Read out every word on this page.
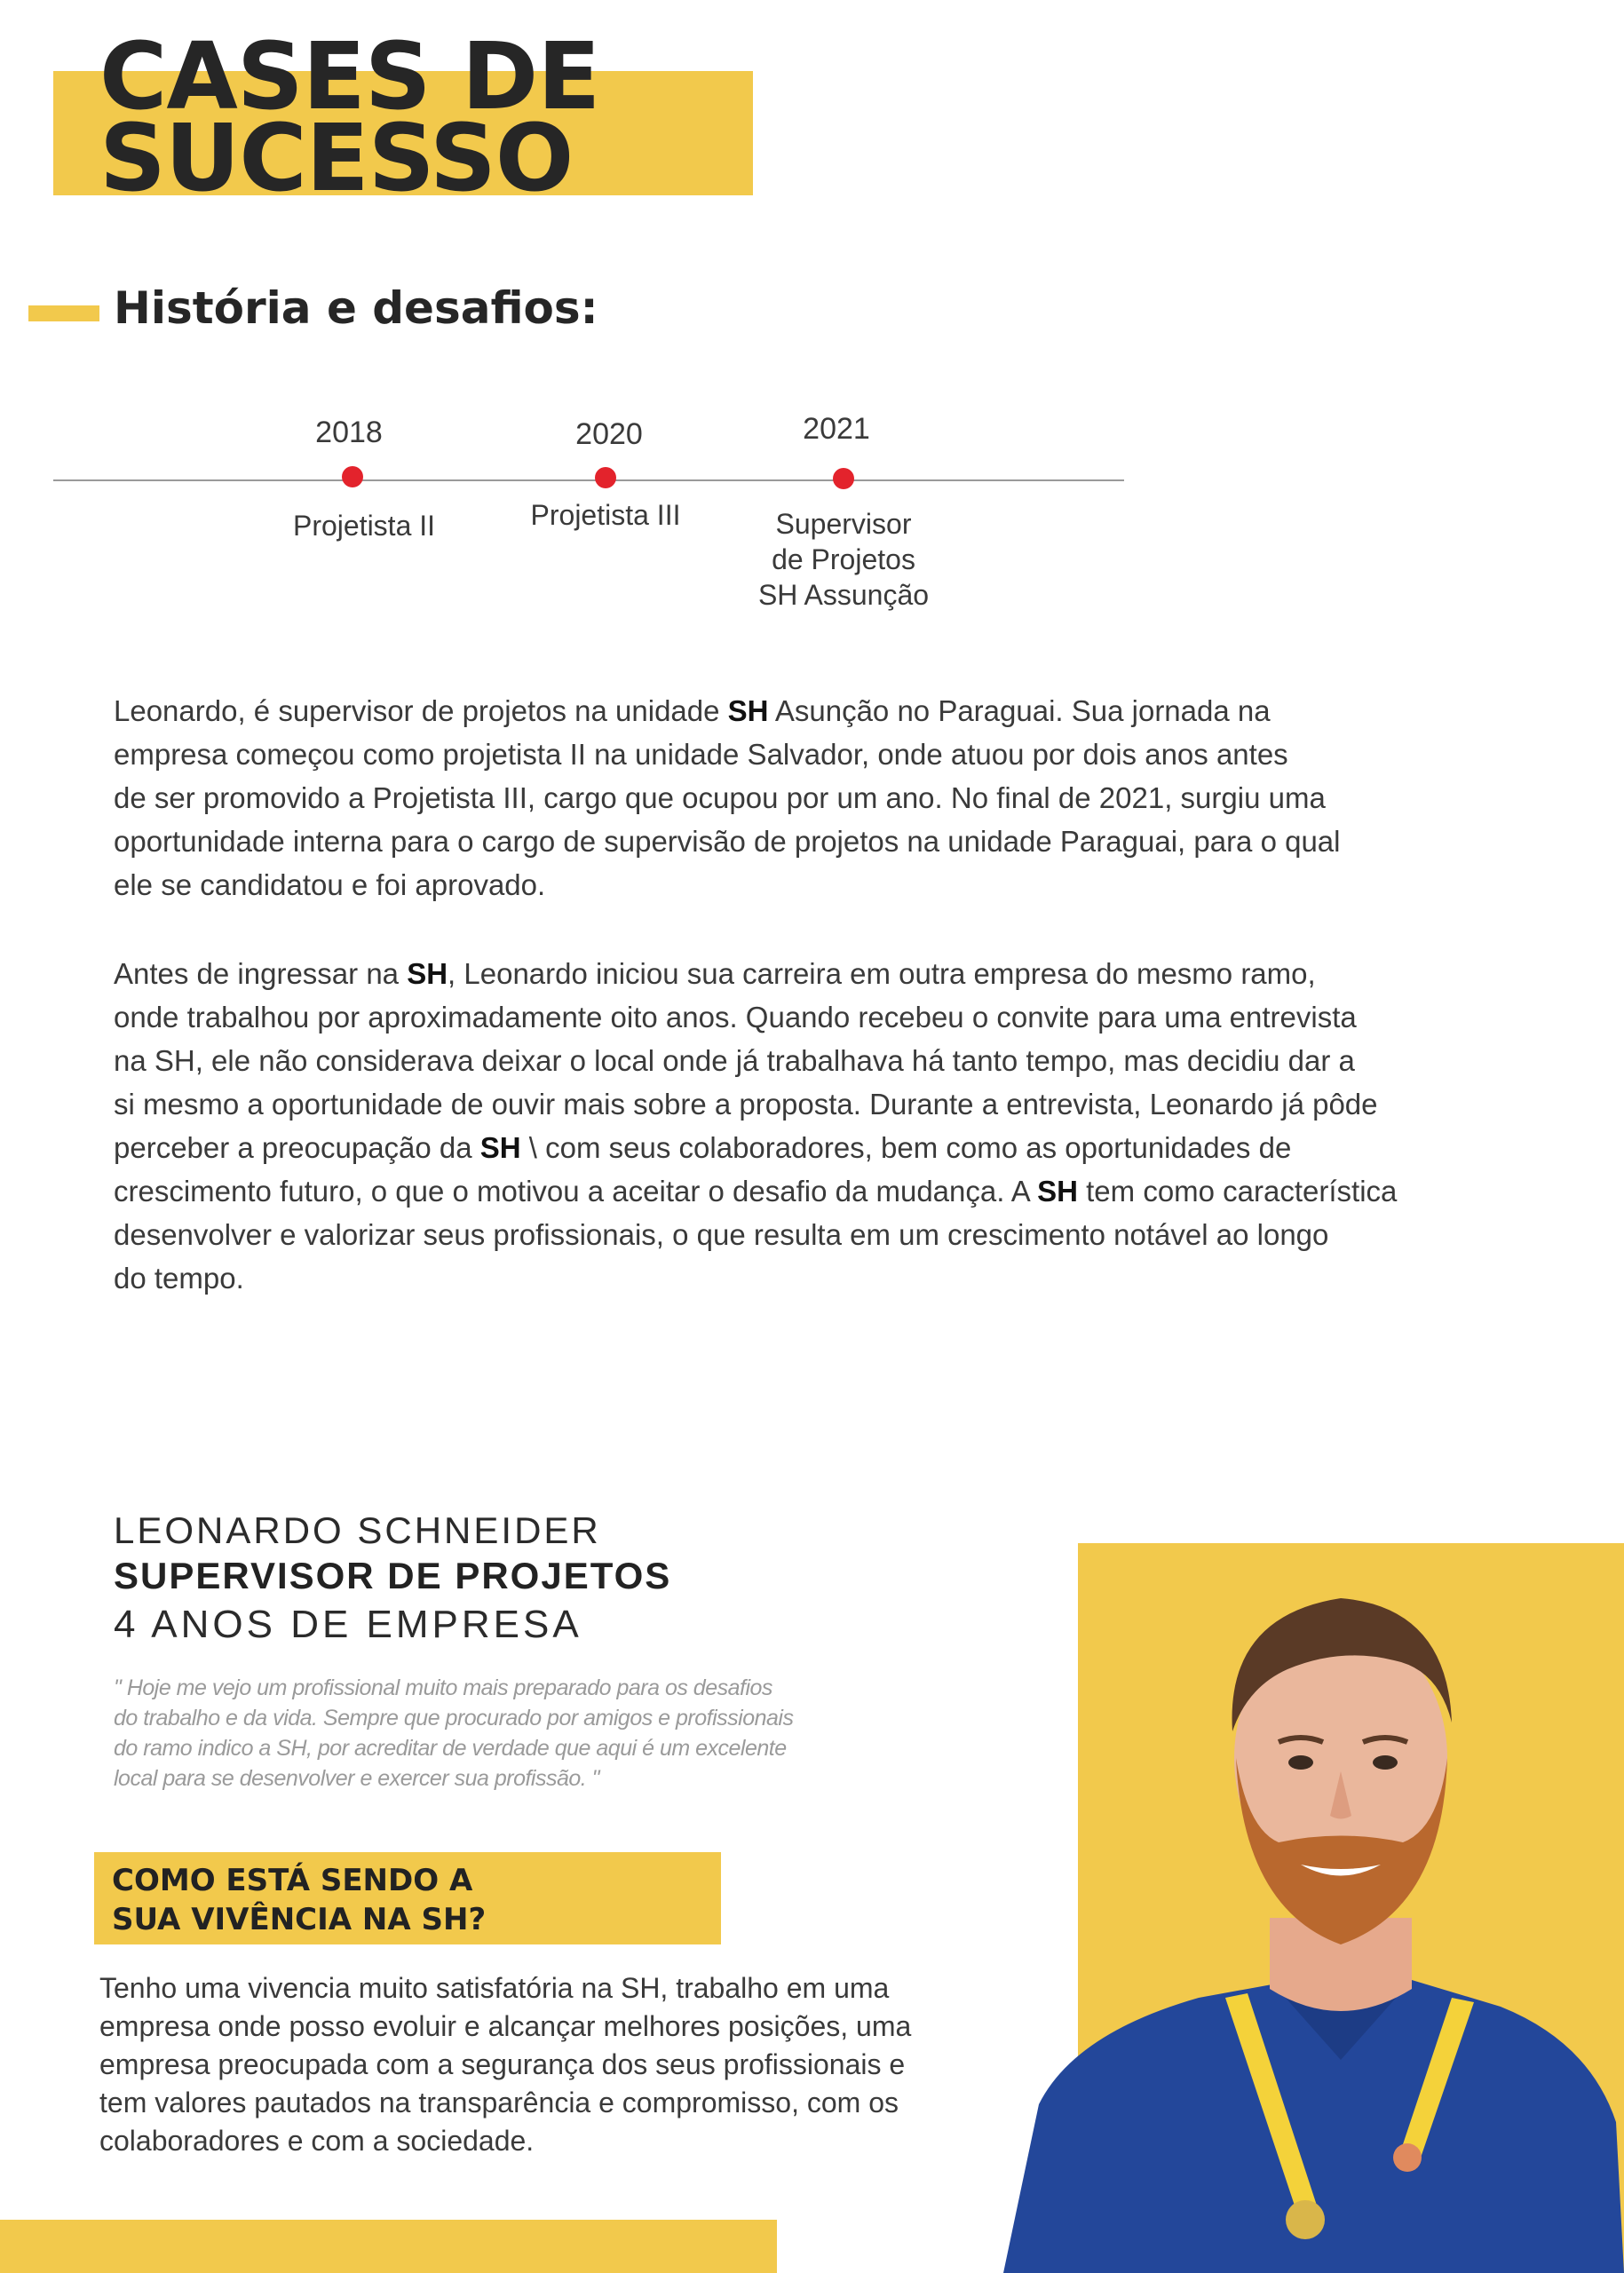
CASES DE
SUCESSO
História e desafios:
2018
Projetista II
2020
Projetista III
2021
Supervisor
de Projetos
SH Assunção
Leonardo, é supervisor de projetos na unidade SH Asunção no Paraguai. Sua jornada na
empresa começou como projetista II na unidade Salvador, onde atuou por dois anos antes
de ser promovido a Projetista III, cargo que ocupou por um ano. No final de 2021, surgiu uma
oportunidade interna para o cargo de supervisão de projetos na unidade Paraguai, para o qual
ele se candidatou e foi aprovado.
Antes de ingressar na SH, Leonardo iniciou sua carreira em outra empresa do mesmo ramo,
onde trabalhou por aproximadamente oito anos. Quando recebeu o convite para uma entrevista
na SH, ele não considerava deixar o local onde já trabalhava há tanto tempo, mas decidiu dar a
si mesmo a oportunidade de ouvir mais sobre a proposta. Durante a entrevista, Leonardo já pôde
perceber a preocupação da SH \ com seus colaboradores, bem como as oportunidades de
crescimento futuro, o que o motivou a aceitar o desafio da mudança. A SH tem como característica
desenvolver e valorizar seus profissionais, o que resulta em um crescimento notável ao longo
do tempo.
LEONARDO SCHNEIDER
SUPERVISOR DE PROJETOS
4 ANOS DE EMPRESA
" Hoje me vejo um profissional muito mais preparado para os desafios
do trabalho e da vida. Sempre que procurado por amigos e profissionais
do ramo indico a SH, por acreditar de verdade que aqui é um excelente
local para se desenvolver e exercer sua profissão. "
COMO ESTÁ SENDO A
SUA VIVÊNCIA NA SH?
Tenho uma vivencia muito satisfatória na SH, trabalho em uma
empresa onde posso evoluir e alcançar melhores posições, uma
empresa preocupada com a segurança dos seus profissionais e
tem valores pautados na transparência e compromisso, com os
colaboradores e com a sociedade.
